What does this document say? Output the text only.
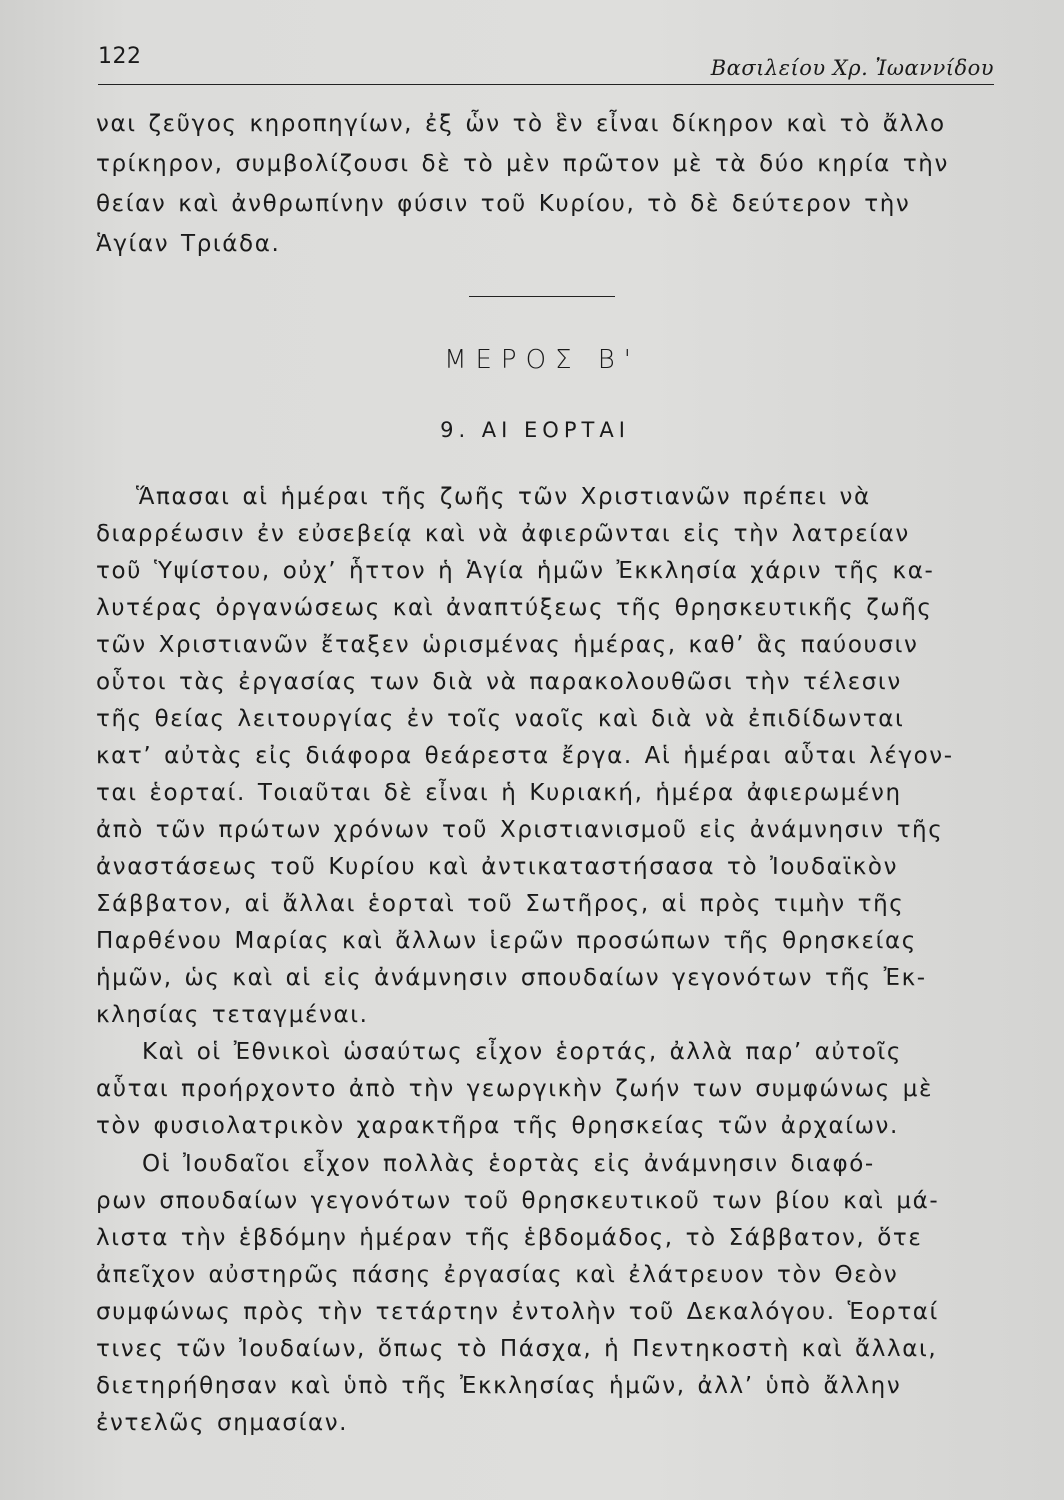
122	Βασιλείου Χρ. Ἰωαννίδου
ναι ζεῦγος κηροπηγίων, ἐξ ὧν τὸ ἓν εἶναι δίκηρον καὶ τὸ ἄλλο
τρίκηρον, συμβολίζουσι δὲ τὸ μὲν πρῶτον μὲ τὰ δύο κηρία τὴν
θείαν καὶ ἀνθρωπίνην φύσιν τοῦ Κυρίου, τὸ δὲ δεύτερον τὴν
Ἁγίαν Τριάδα.
ΜΕΡΟΣ Β'
9. ΑΙ ΕΟΡΤΑΙ
Ἅπασαι αἱ ἡμέραι τῆς ζωῆς τῶν Χριστιανῶν πρέπει νὰ
διαρρέωσιν ἐν εὐσεβείᾳ καὶ νὰ ἀφιερῶνται εἰς τὴν λατρείαν
τοῦ Ὑψίστου, οὐχ’ ἧττον ἡ Ἁγία ἡμῶν Ἐκκλησία χάριν τῆς κα-
λυτέρας ὀργανώσεως καὶ ἀναπτύξεως τῆς θρησκευτικῆς ζωῆς
τῶν Χριστιανῶν ἔταξεν ὡρισμένας ἡμέρας, καθ’ ἃς παύουσιν
οὗτοι τὰς ἐργασίας των διὰ νὰ παρακολουθῶσι τὴν τέλεσιν
τῆς θείας λειτουργίας ἐν τοῖς ναοῖς καὶ διὰ νὰ ἐπιδίδωνται
κατ’ αὐτὰς εἰς διάφορα θεάρεστα ἔργα. Αἱ ἡμέραι αὗται λέγον-
ται ἑορταί. Τοιαῦται δὲ εἶναι ἡ Κυριακή, ἡμέρα ἀφιερωμένη
ἀπὸ τῶν πρώτων χρόνων τοῦ Χριστιανισμοῦ εἰς ἀνάμνησιν τῆς
ἀναστάσεως τοῦ Κυρίου καὶ ἀντικαταστήσασα τὸ Ἰουδαϊκὸν
Σάββατον, αἱ ἄλλαι ἑορταὶ τοῦ Σωτῆρος, αἱ πρὸς τιμὴν τῆς
Παρθένου Μαρίας καὶ ἄλλων ἱερῶν προσώπων τῆς θρησκείας
ἡμῶν, ὡς καὶ αἱ εἰς ἀνάμνησιν σπουδαίων γεγονότων τῆς Ἐκ-
κλησίας τεταγμέναι.
Καὶ οἱ Ἐθνικοὶ ὡσαύτως εἶχον ἑορτάς, ἀλλὰ παρ’ αὐτοῖς
αὗται προήρχοντο ἀπὸ τὴν γεωργικὴν ζωήν των συμφώνως μὲ
τὸν φυσιολατρικὸν χαρακτῆρα τῆς θρησκείας τῶν ἀρχαίων.
Οἱ Ἰουδαῖοι εἶχον πολλὰς ἑορτὰς εἰς ἀνάμνησιν διαφό-
ρων σπουδαίων γεγονότων τοῦ θρησκευτικοῦ των βίου καὶ μά-
λιστα τὴν ἑβδόμην ἡμέραν τῆς ἑβδομάδος, τὸ Σάββατον, ὅτε
ἀπεῖχον αὐστηρῶς πάσης ἐργασίας καὶ ἐλάτρευον τὸν Θεὸν
συμφώνως πρὸς τὴν τετάρτην ἐντολὴν τοῦ Δεκαλόγου. Ἑορταί
τινες τῶν Ἰουδαίων, ὅπως τὸ Πάσχα, ἡ Πεντηκοστὴ καὶ ἄλλαι,
διετηρήθησαν καὶ ὑπὸ τῆς Ἐκκλησίας ἡμῶν, ἀλλ’ ὑπὸ ἄλλην
ἐντελῶς σημασίαν.
